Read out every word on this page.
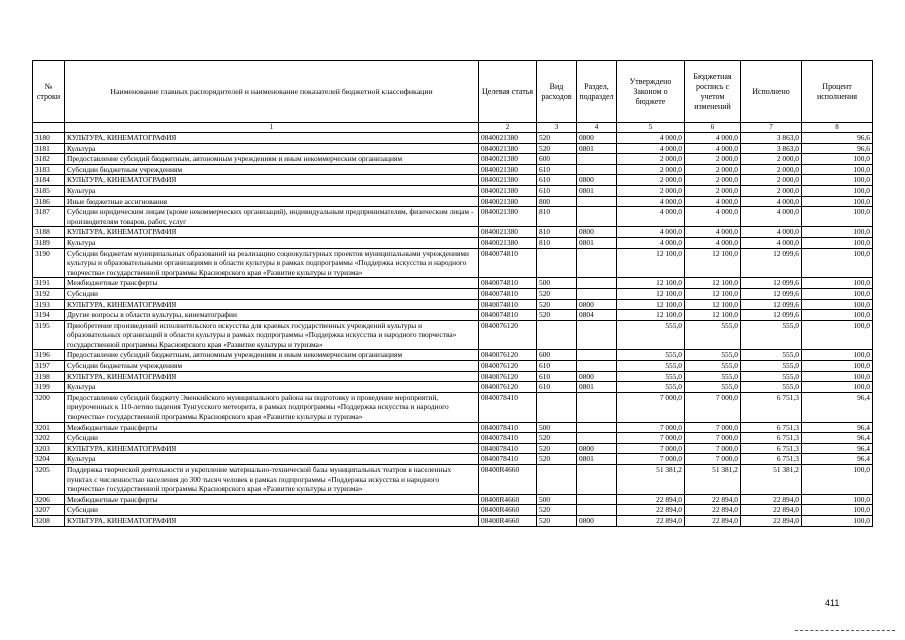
№ строки	Наименование главных распорядителей и наименование показателей бюджетной классификации	Целевая статья	Вид расходов	Раздел, подраздел	Утверждено Законом о бюджете	Бюджетная роспись с учетом изменений	Исполнено	Процент исполнения
	1	2	3	4	5	6	7	8
3180	КУЛЬТУРА, КИНЕМАТОГРАФИЯ	0840021380	520	0800	4 000,0	4 000,0	3 863,0	96,6
3181	Культура	0840021380	520	0801	4 000,0	4 000,0	3 863,0	96,6
3182	Предоставление субсидий бюджетным, автономным учреждениям и иным некоммерческим организациям	0840021380	600		2 000,0	2 000,0	2 000,0	100,0
3183	Субсидии бюджетным учреждениям	0840021380	610		2 000,0	2 000,0	2 000,0	100,0
3184	КУЛЬТУРА, КИНЕМАТОГРАФИЯ	0840021380	610	0800	2 000,0	2 000,0	2 000,0	100,0
3185	Культура	0840021380	610	0801	2 000,0	2 000,0	2 000,0	100,0
3186	Иные бюджетные ассигнования	0840021380	800		4 000,0	4 000,0	4 000,0	100,0
3187	Субсидии юридическим лицам (кроме некоммерческих организаций), индивидуальным предпринимателям, физическим лицам - производителям товаров, работ, услуг	0840021380	810		4 000,0	4 000,0	4 000,0	100,0
3188	КУЛЬТУРА, КИНЕМАТОГРАФИЯ	0840021380	810	0800	4 000,0	4 000,0	4 000,0	100,0
3189	Культура	0840021380	810	0801	4 000,0	4 000,0	4 000,0	100,0
3190	Субсидии бюджетам муниципальных образований на реализацию социокультурных проектов муниципальными учреждениями культуры и образовательными организациями в области культуры в рамках подпрограммы «Поддержка искусства и народного творчества» государственной программы Красноярского края «Развитие культуры и туризма»	0840074810			12 100,0	12 100,0	12 099,6	100,0
3191	Межбюджетные трансферты	0840074810	500		12 100,0	12 100,0	12 099,6	100,0
3192	Субсидии	0840074810	520		12 100,0	12 100,0	12 099,6	100,0
3193	КУЛЬТУРА, КИНЕМАТОГРАФИЯ	0840074810	520	0800	12 100,0	12 100,0	12 099,6	100,0
3194	Другие вопросы в области культуры, кинематографии	0840074810	520	0804	12 100,0	12 100,0	12 099,6	100,0
3195	Приобретение произведений исполнительского искусства для краевых государственных учреждений культуры и образовательных организаций в области культуры в рамках подпрограммы «Поддержка искусства и народного творчества» государственной программы Красноярского края «Развитие культуры и туризма»	0840076120			555,0	555,0	555,0	100,0
3196	Предоставление субсидий бюджетным, автономным учреждениям и иным некоммерческим организациям	0840076120	600		555,0	555,0	555,0	100,0
3197	Субсидии бюджетным учреждениям	0840076120	610		555,0	555,0	555,0	100,0
3198	КУЛЬТУРА, КИНЕМАТОГРАФИЯ	0840076120	610	0800	555,0	555,0	555,0	100,0
3199	Культура	0840076120	610	0801	555,0	555,0	555,0	100,0
3200	Предоставление субсидий бюджету Эвенкийского муниципального района на подготовку и проведение мероприятий, приуроченных к 110-летию падения Тунгусского метеорита, в рамках подпрограммы «Поддержка искусства и народного творчества» государственной программы Красноярского края «Развитие культуры и туризма»	0840078410			7 000,0	7 000,0	6 751,3	96,4
3201	Межбюджетные трансферты	0840078410	500		7 000,0	7 000,0	6 751,3	96,4
3202	Субсидии	0840078410	520		7 000,0	7 000,0	6 751,3	96,4
3203	КУЛЬТУРА, КИНЕМАТОГРАФИЯ	0840078410	520	0800	7 000,0	7 000,0	6 751,3	96,4
3204	Культура	0840078410	520	0801	7 000,0	7 000,0	6 751,3	96,4
3205	Поддержка творческой деятельности и укрепление материально-технической базы муниципальных театров в населенных пунктах с численностью населения до 300 тысяч человек в рамках подпрограммы «Поддержка искусства и народного творчества» государственной программы Красноярского края «Развитие культуры и туризма»	08400R4660			51 381,2	51 381,2	51 381,2	100,0
3206	Межбюджетные трансферты	08400R4660	500		22 894,0	22 894,0	22 894,0	100,0
3207	Субсидии	08400R4660	520		22 894,0	22 894,0	22 894,0	100,0
3208	КУЛЬТУРА, КИНЕМАТОГРАФИЯ	08400R4660	520	0800	22 894,0	22 894,0	22 894,0	100,0
411
